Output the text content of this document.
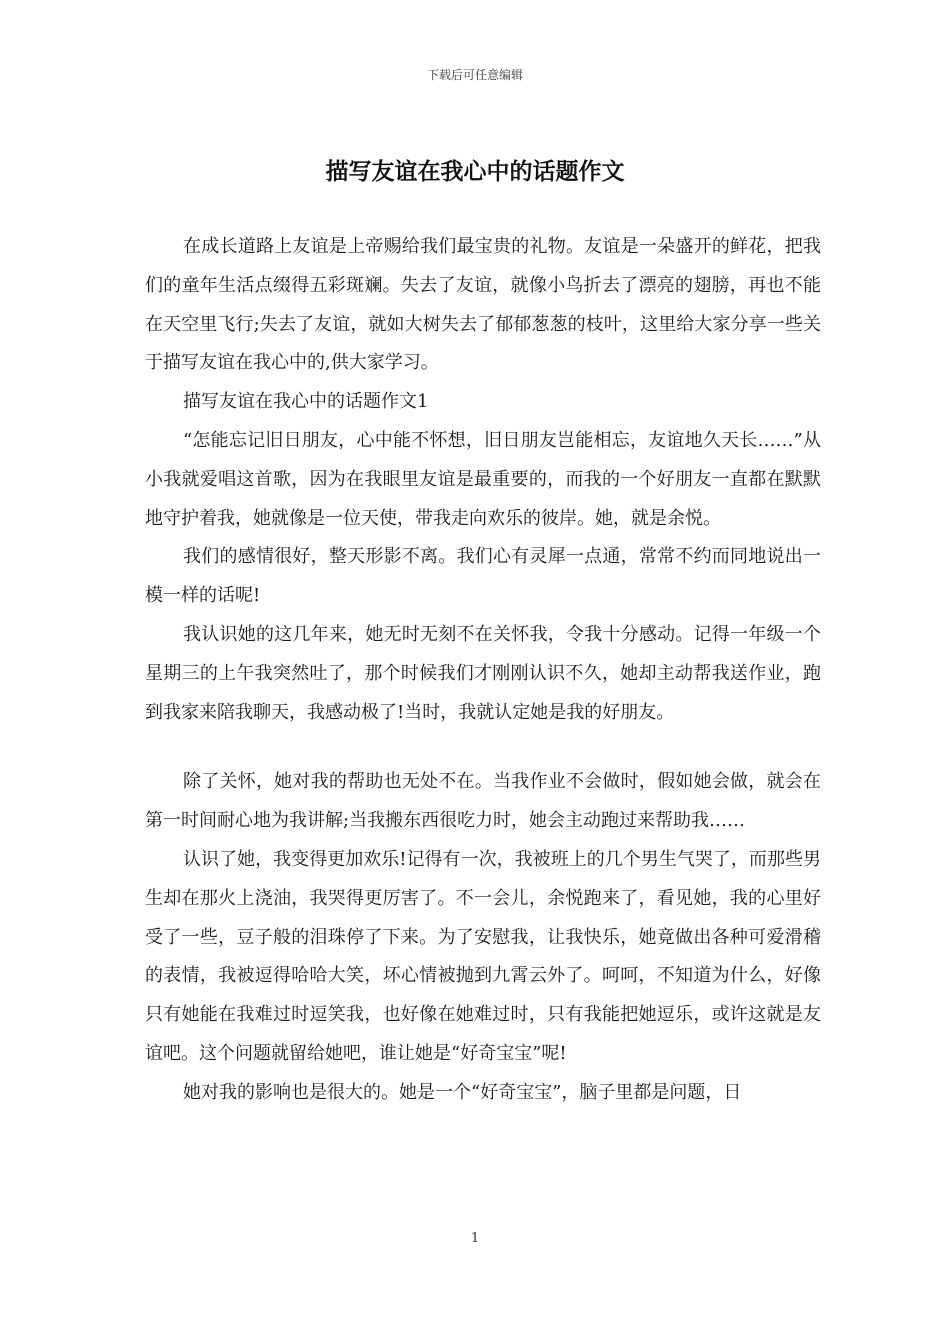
下载后可任意编辑
描写友谊在我心中的话题作文

在成长道路上友谊是上帝赐给我们最宝贵的礼物。友谊是一朵盛开的鲜花，把我们的童年生活点缀得五彩斑斓。失去了友谊，就像小鸟折去了漂亮的翅膀，再也不能在天空里飞行;失去了友谊，就如大树失去了郁郁葱葱的枝叶，这里给大家分享一些关于描写友谊在我心中的,供大家学习。

描写友谊在我心中的话题作文1

“怎能忘记旧日朋友，心中能不怀想，旧日朋友岂能相忘，友谊地久天长……”从小我就爱唱这首歌，因为在我眼里友谊是最重要的，而我的一个好朋友一直都在默默地守护着我，她就像是一位天使，带我走向欢乐的彼岸。她，就是余悦。

我们的感情很好，整天形影不离。我们心有灵犀一点通，常常不约而同地说出一模一样的话呢!

我认识她的这几年来，她无时无刻不在关怀我，令我十分感动。记得一年级一个星期三的上午我突然吐了，那个时候我们才刚刚认识不久，她却主动帮我送作业，跑到我家来陪我聊天，我感动极了!当时，我就认定她是我的好朋友。

除了关怀，她对我的帮助也无处不在。当我作业不会做时，假如她会做，就会在第一时间耐心地为我讲解;当我搬东西很吃力时，她会主动跑过来帮助我……

认识了她，我变得更加欢乐!记得有一次，我被班上的几个男生气哭了，而那些男生却在那火上浇油，我哭得更厉害了。不一会儿，余悦跑来了，看见她，我的心里好受了一些，豆子般的泪珠停了下来。为了安慰我，让我快乐，她竟做出各种可爱滑稽的表情，我被逗得哈哈大笑，坏心情被抛到九霄云外了。呵呵，不知道为什么，好像只有她能在我难过时逗笑我，也好像在她难过时，只有我能把她逗乐，或许这就是友谊吧。这个问题就留给她吧，谁让她是“好奇宝宝”呢!

她对我的影响也是很大的。她是一个“好奇宝宝”，脑子里都是问题，日

1
